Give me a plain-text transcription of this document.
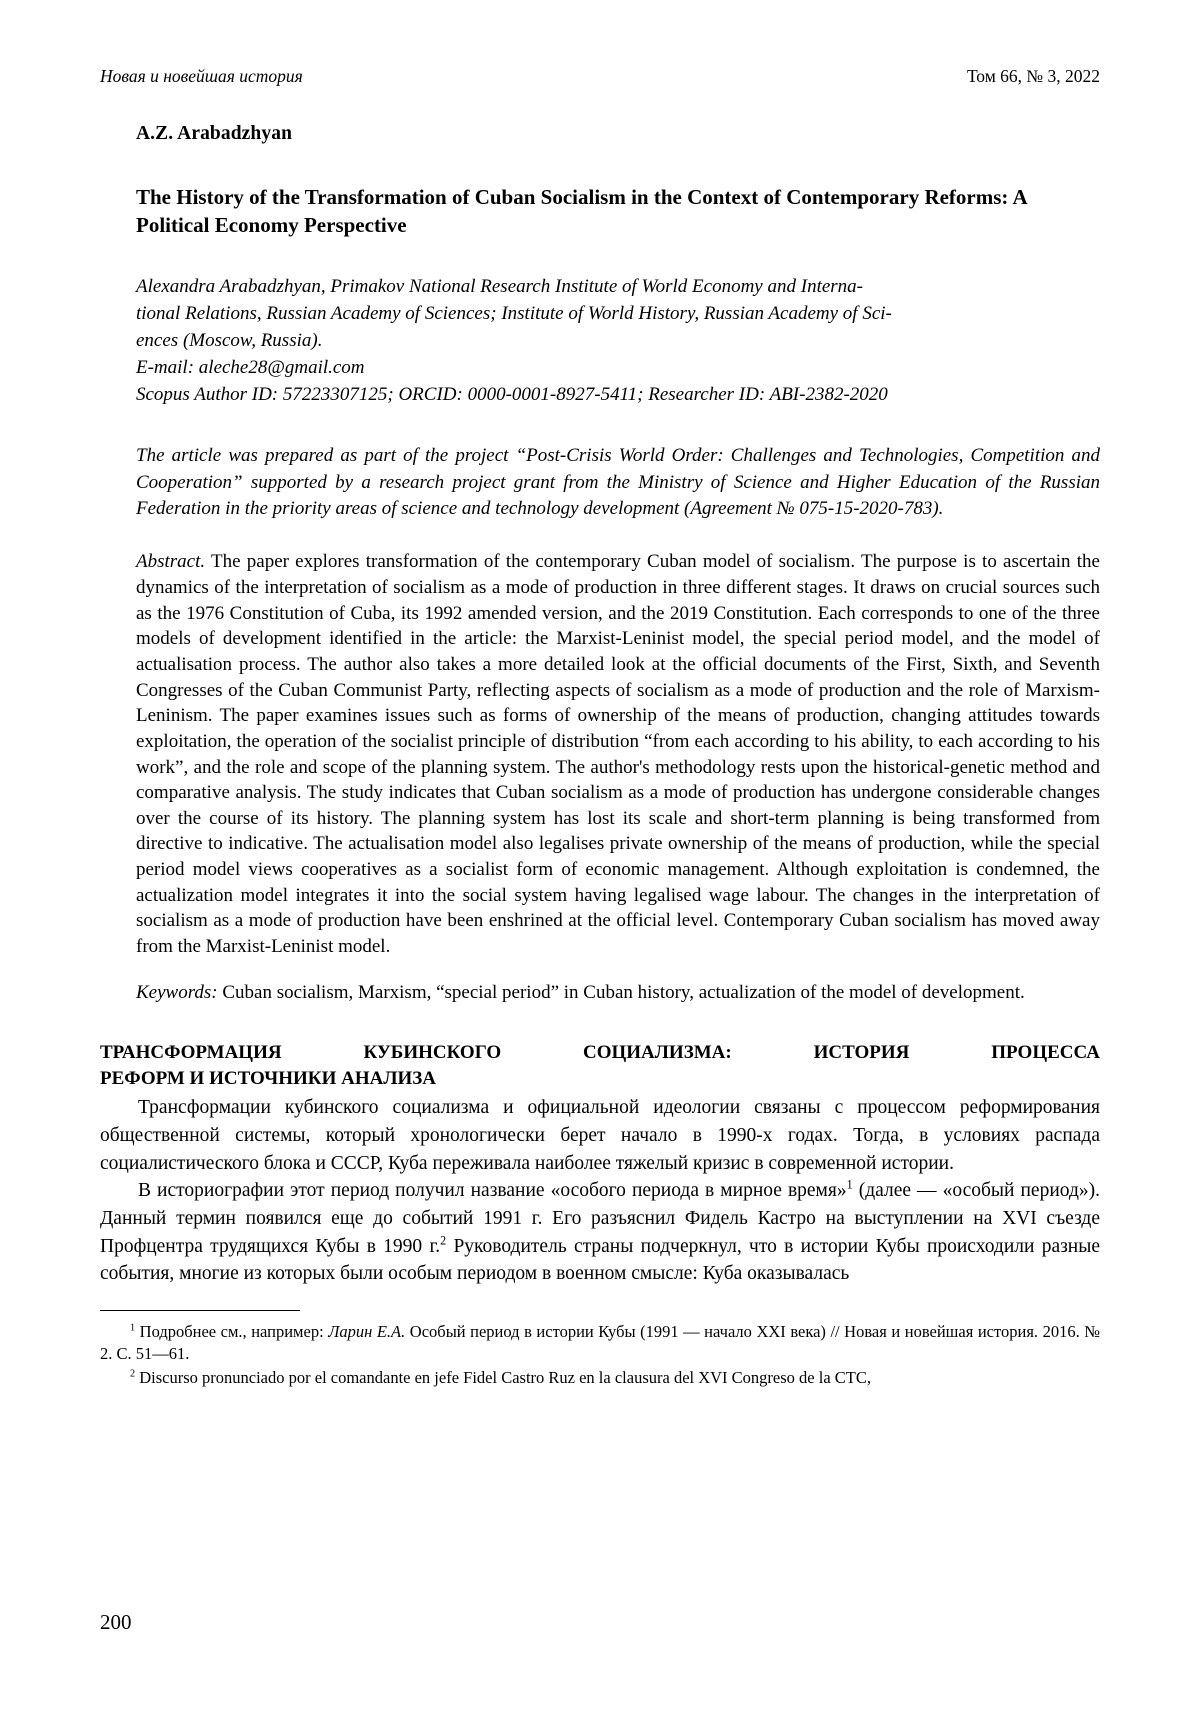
Новая и новейшая история	Том 66, № 3, 2022
A.Z. Arabadzhyan
The History of the Transformation of Cuban Socialism in the Context of Contemporary Reforms: A Political Economy Perspective
Alexandra Arabadzhyan, Primakov National Research Institute of World Economy and Interna-
tional Relations, Russian Academy of Sciences; Institute of World History, Russian Academy of Sci-
ences (Moscow, Russia).
E-mail: aleche28@gmail.com
Scopus Author ID: 57223307125; ORCID: 0000-0001-8927-5411; Researcher ID: ABI-2382-2020
The article was prepared as part of the project “Post-Crisis World Order: Challenges and Technologies, Competition and Cooperation” supported by a research project grant from the Ministry of Science and Higher Education of the Russian Federation in the priority areas of science and technology development (Agreement № 075-15-2020-783).
Abstract. The paper explores transformation of the contemporary Cuban model of socialism. The purpose is to ascertain the dynamics of the interpretation of socialism as a mode of production in three different stages. It draws on crucial sources such as the 1976 Constitution of Cuba, its 1992 amended version, and the 2019 Constitution. Each corresponds to one of the three models of development identified in the article: the Marxist-Leninist model, the special period model, and the model of actualisation process. The author also takes a more detailed look at the official documents of the First, Sixth, and Seventh Congresses of the Cuban Communist Party, reflecting aspects of socialism as a mode of production and the role of Marxism-Leninism. The paper examines issues such as forms of ownership of the means of production, changing attitudes towards exploitation, the operation of the socialist principle of distribution “from each according to his ability, to each according to his work”, and the role and scope of the planning system. The author's methodology rests upon the historical-genetic method and comparative analysis. The study indicates that Cuban socialism as a mode of production has undergone considerable changes over the course of its history. The planning system has lost its scale and short-term planning is being transformed from directive to indicative. The actualisation model also legalises private ownership of the means of production, while the special period model views cooperatives as a socialist form of economic management. Although exploitation is condemned, the actualization model integrates it into the social system having legalised wage labour. The changes in the interpretation of socialism as a mode of production have been enshrined at the official level. Contemporary Cuban socialism has moved away from the Marxist-Leninist model.
Keywords: Cuban socialism, Marxism, “special period” in Cuban history, actualization of the model of development.
ТРАНСФОРМАЦИЯ КУБИНСКОГО СОЦИАЛИЗМА: ИСТОРИЯ ПРОЦЕССА
РЕФОРМ И ИСТОЧНИКИ АНАЛИЗА

Трансформации кубинского социализма и официальной идеологии связаны с процессом реформирования общественной системы, который хронологически берет начало в 1990-х годах. Тогда, в условиях распада социалистического блока и СССР, Куба переживала наиболее тяжелый кризис в современной истории.

В историографии этот период получил название «особого периода в мирное время»$^1$ (далее — «особый период»). Данный термин появился еще до событий 1991 г. Его разъяснил Фидель Кастро на выступлении на XVI съезде Профцентра трудящихся Кубы в 1990 г.$^2$ Руководитель страны подчеркнул, что в истории Кубы происходили разные события, многие из которых были особым периодом в военном смысле: Куба оказывалась

$^1$ Подробнее см., например: Ларин Е.А. Особый период в истории Кубы (1991 — начало XXI века) // Новая и новейшая история. 2016. № 2. С. 51—61.

$^2$ Discurso pronunciado por el comandante en jefe Fidel Castro Ruz en la clausura del XVI Congreso de la CTC,

200
